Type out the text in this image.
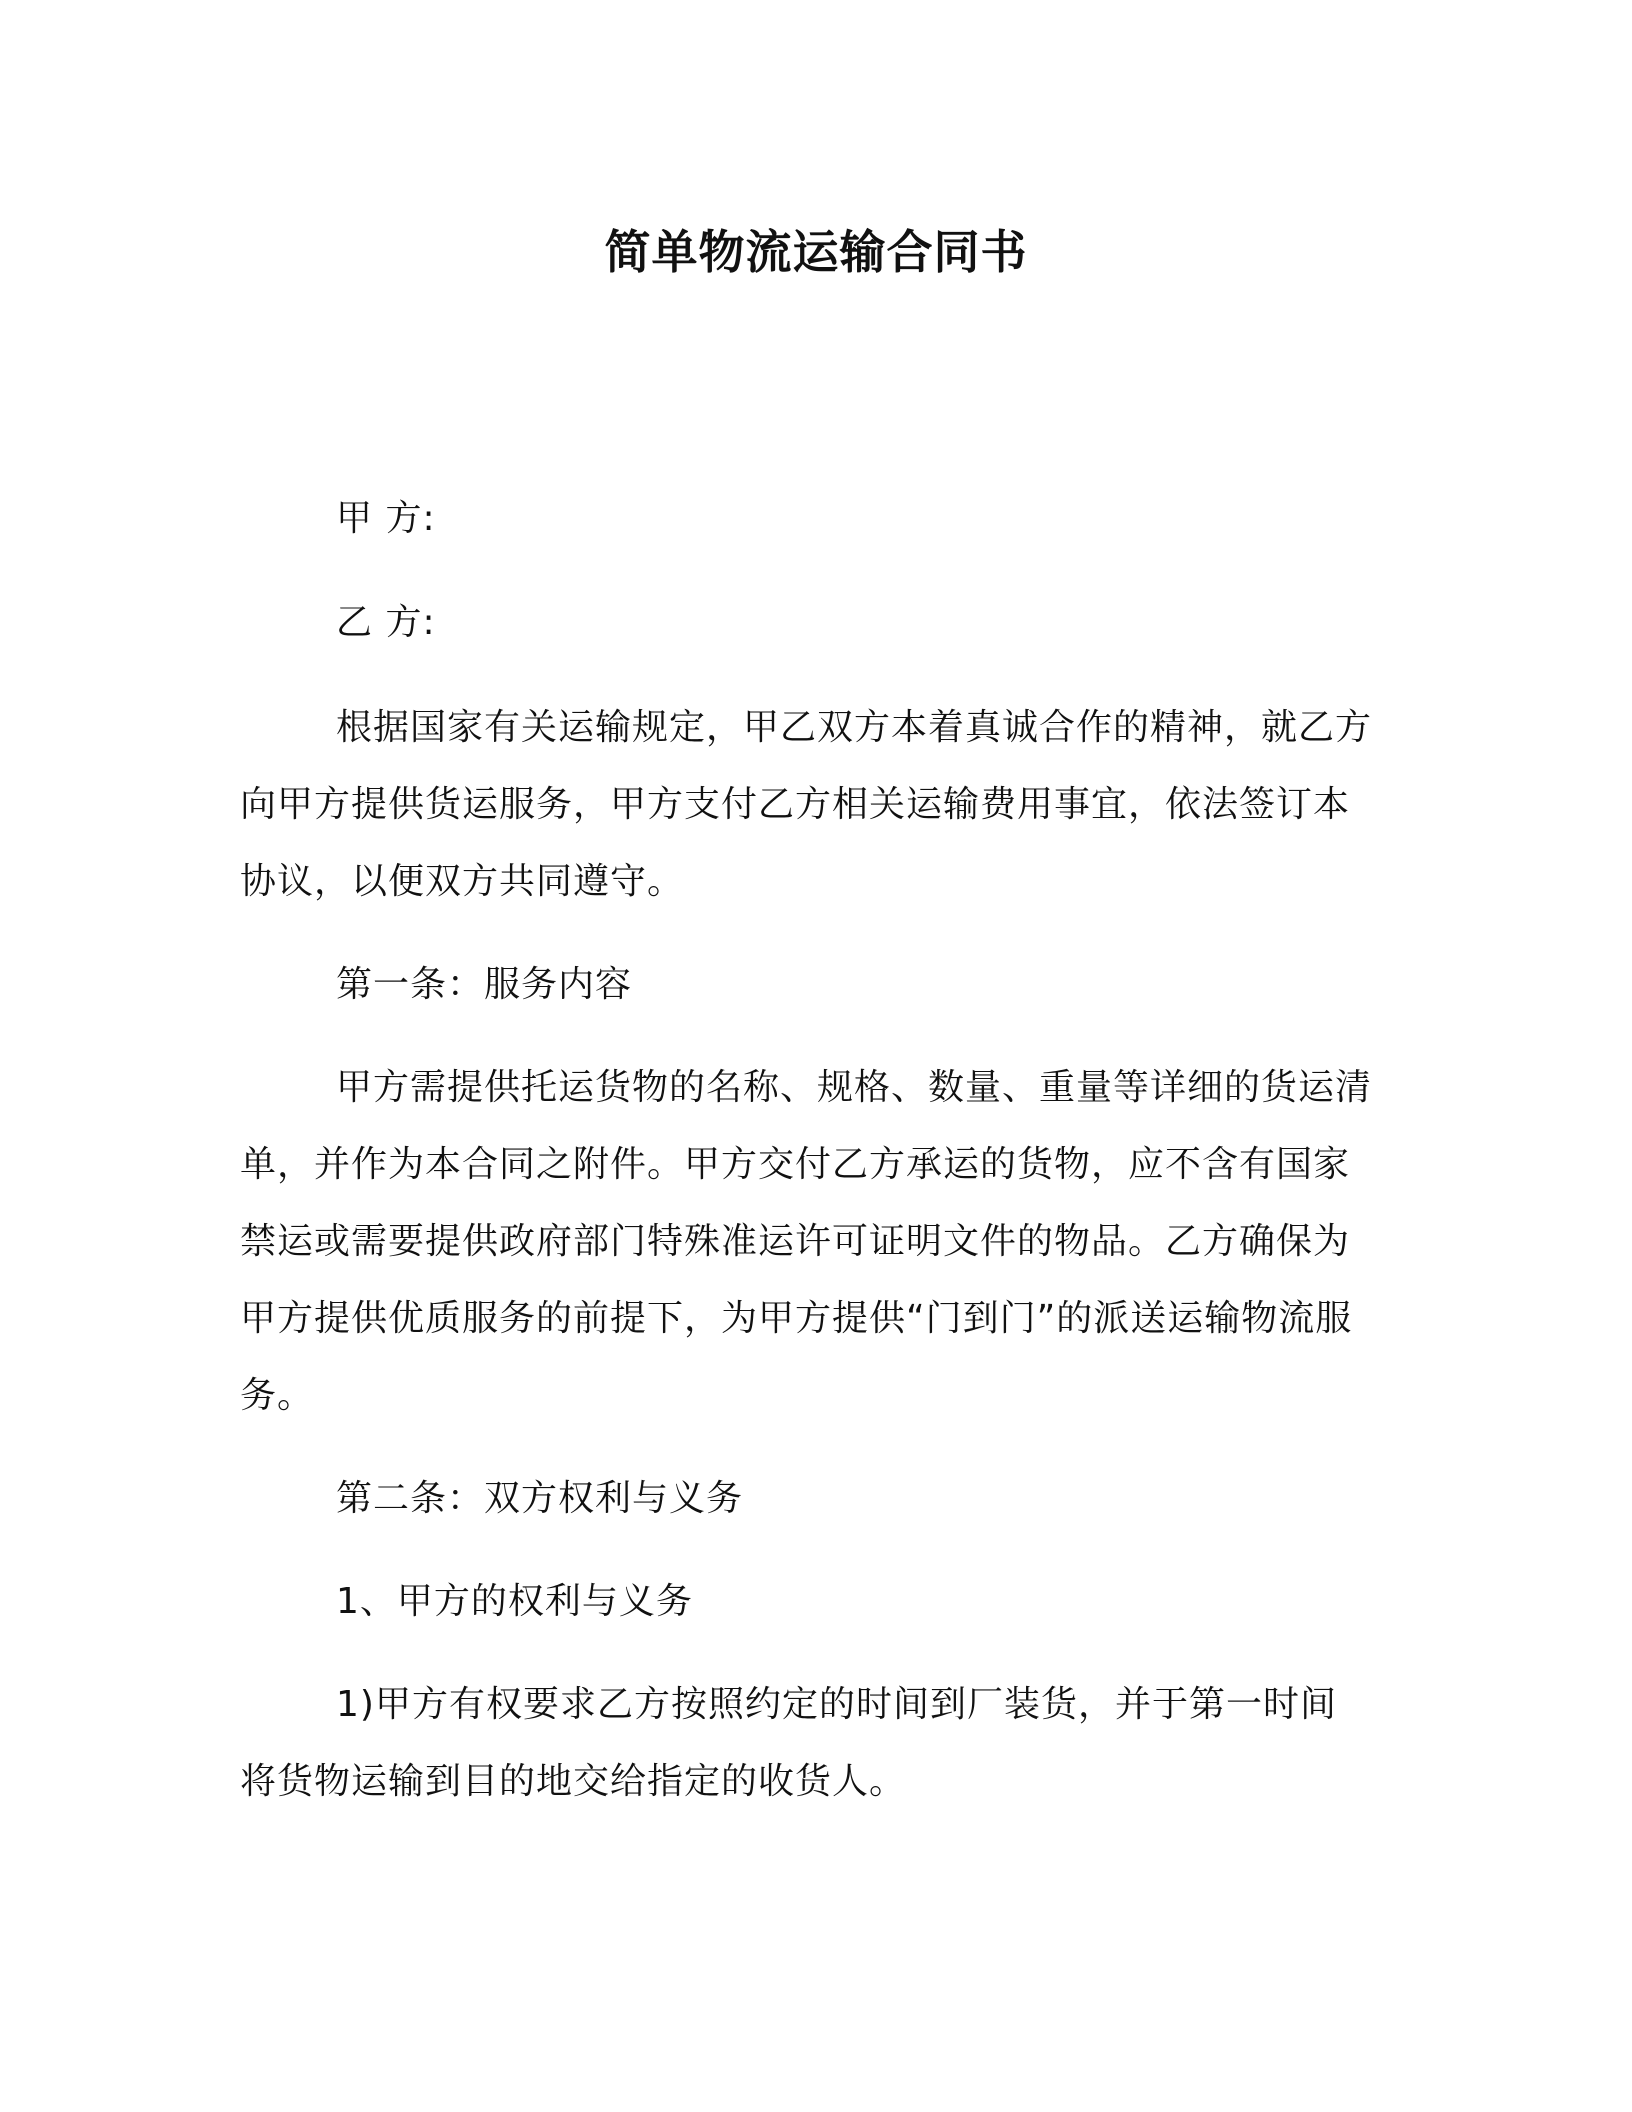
简单物流运输合同书
甲 方:
乙 方:

根据国家有关运输规定，甲乙双方本着真诚合作的精神，就乙方向甲方提供货运服务，甲方支付乙方相关运输费用事宜，依法签订本协议，以便双方共同遵守。

第一条：服务内容

甲方需提供托运货物的名称、规格、数量、重量等详细的货运清单，并作为本合同之附件。甲方交付乙方承运的货物，应不含有国家禁运或需要提供政府部门特殊准运许可证明文件的物品。乙方确保为甲方提供优质服务的前提下，为甲方提供“门到门”的派送运输物流服务。

第二条：双方权利与义务

1、甲方的权利与义务

1)甲方有权要求乙方按照约定的时间到厂装货，并于第一时间将货物运输到目的地交给指定的收货人。
